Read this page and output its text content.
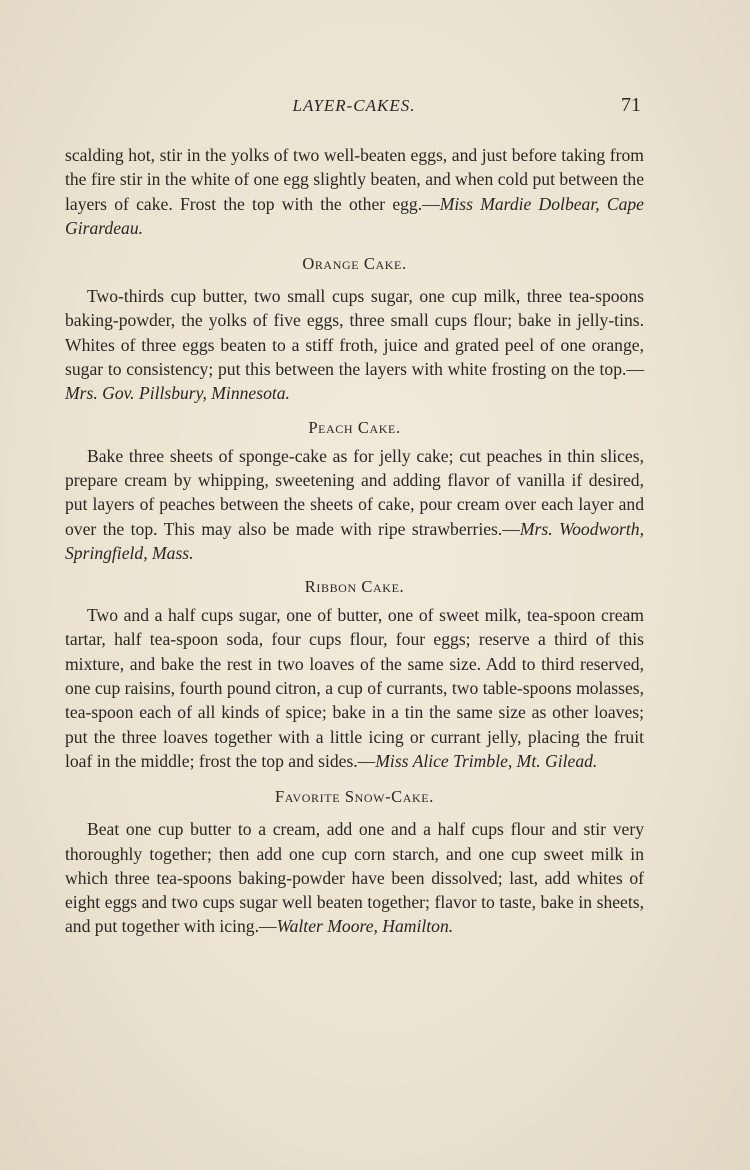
LAYER-CAKES.	71

scalding hot, stir in the yolks of two well-beaten eggs, and just before taking from the fire stir in the white of one egg slightly beaten, and when cold put between the layers of cake. Frost the top with the other egg.—Miss Mardie Dolbear, Cape Girardeau.

Orange Cake.

Two-thirds cup butter, two small cups sugar, one cup milk, three tea-spoons baking-powder, the yolks of five eggs, three small cups flour; bake in jelly-tins. Whites of three eggs beaten to a stiff froth, juice and grated peel of one orange, sugar to consistency; put this between the layers with white frosting on the top.—Mrs. Gov. Pillsbury, Minnesota.

Peach Cake.

Bake three sheets of sponge-cake as for jelly cake; cut peaches in thin slices, prepare cream by whipping, sweetening and adding flavor of vanilla if desired, put layers of peaches between the sheets of cake, pour cream over each layer and over the top. This may also be made with ripe strawberries.—Mrs. Woodworth, Springfield, Mass.

Ribbon Cake.

Two and a half cups sugar, one of butter, one of sweet milk, tea-spoon cream tartar, half tea-spoon soda, four cups flour, four eggs; reserve a third of this mixture, and bake the rest in two loaves of the same size. Add to third reserved, one cup raisins, fourth pound citron, a cup of currants, two table-spoons molasses, tea-spoon each of all kinds of spice; bake in a tin the same size as other loaves; put the three loaves together with a little icing or currant jelly, placing the fruit loaf in the middle; frost the top and sides.—Miss Alice Trimble, Mt. Gilead.

Favorite Snow-Cake.

Beat one cup butter to a cream, add one and a half cups flour and stir very thoroughly together; then add one cup corn starch, and one cup sweet milk in which three tea-spoons baking-powder have been dissolved; last, add whites of eight eggs and two cups sugar well beaten together; flavor to taste, bake in sheets, and put together with icing.—Walter Moore, Hamilton.
